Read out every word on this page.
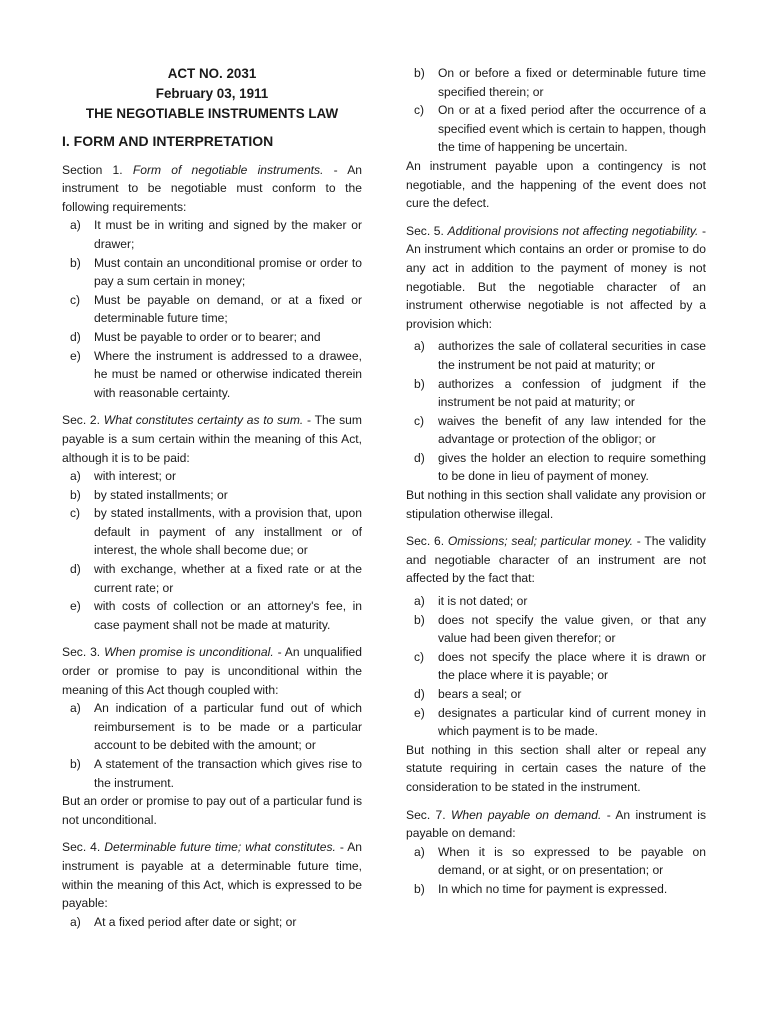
ACT NO. 2031
February 03, 1911
THE NEGOTIABLE INSTRUMENTS LAW
I. FORM AND INTERPRETATION

Section 1. Form of negotiable instruments. - An instrument to be negotiable must conform to the following requirements:

a)	It must be in writing and signed by the maker or drawer;
b)	Must contain an unconditional promise or order to pay a sum certain in money;
c)	Must be payable on demand, or at a fixed or determinable future time;
d)	Must be payable to order or to bearer; and
e)	Where the instrument is addressed to a drawee, he must be named or otherwise indicated therein with reasonable certainty.

Sec. 2. What constitutes certainty as to sum. - The sum payable is a sum certain within the meaning of this Act, although it is to be paid:

a)	with interest; or
b)	by stated installments; or
c)	by stated installments, with a provision that, upon default in payment of any installment or of interest, the whole shall become due; or
d)	with exchange, whether at a fixed rate or at the current rate; or
e)	with costs of collection or an attorney's fee, in case payment shall not be made at maturity.

Sec. 3. When promise is unconditional. - An unqualified order or promise to pay is unconditional within the meaning of this Act though coupled with:

a)	An indication of a particular fund out of which reimbursement is to be made or a particular account to be debited with the amount; or
b)	A statement of the transaction which gives rise to the instrument.

But an order or promise to pay out of a particular fund is not unconditional.

Sec. 4. Determinable future time; what constitutes. - An instrument is payable at a determinable future time, within the meaning of this Act, which is expressed to be payable:

a)	At a fixed period after date or sight; or
b)	On or before a fixed or determinable future time specified therein; or
c)	On or at a fixed period after the occurrence of a specified event which is certain to happen, though the time of happening be uncertain.

An instrument payable upon a contingency is not negotiable, and the happening of the event does not cure the defect.

Sec. 5. Additional provisions not affecting negotiability. - An instrument which contains an order or promise to do any act in addition to the payment of money is not negotiable. But the negotiable character of an instrument otherwise negotiable is not affected by a provision which:

a)	authorizes the sale of collateral securities in case the instrument be not paid at maturity; or
b)	authorizes a confession of judgment if the instrument be not paid at maturity; or
c)	waives the benefit of any law intended for the advantage or protection of the obligor; or
d)	gives the holder an election to require something to be done in lieu of payment of money.

But nothing in this section shall validate any provision or stipulation otherwise illegal.

Sec. 6. Omissions; seal; particular money. - The validity and negotiable character of an instrument are not affected by the fact that:

a)	it is not dated; or
b)	does not specify the value given, or that any value had been given therefor; or
c)	does not specify the place where it is drawn or the place where it is payable; or
d)	bears a seal; or
e)	designates a particular kind of current money in which payment is to be made.

But nothing in this section shall alter or repeal any statute requiring in certain cases the nature of the consideration to be stated in the instrument.

Sec. 7. When payable on demand. - An instrument is payable on demand:

a)	When it is so expressed to be payable on demand, or at sight, or on presentation; or
b)	In which no time for payment is expressed.
